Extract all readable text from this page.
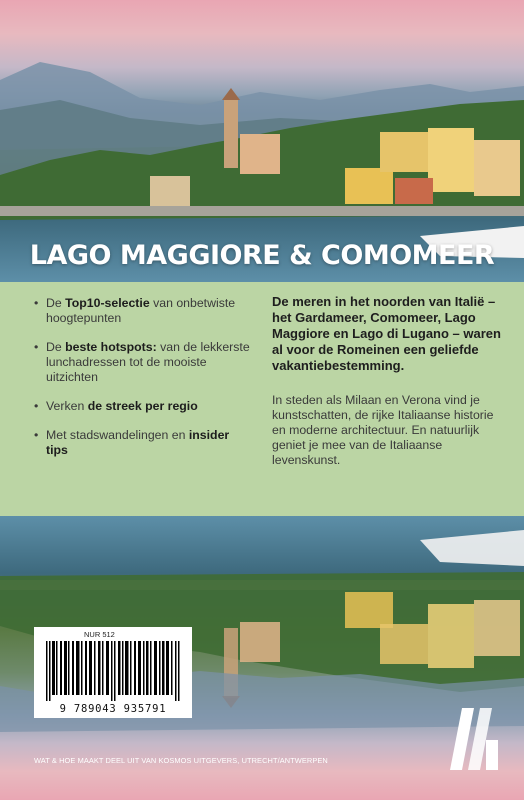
LAGO MAGGIORE & COMOMEER
• De Top10-selectie van onbetwiste hoogtepunten
• De beste hotspots: van de lekkerste lunchadressen tot de mooiste uitzichten
• Verken de streek per regio
• Met stadswandelingen en insider tips
De meren in het noorden van Italië – het Gardameer, Comomeer, Lago Maggiore en Lago di Lugano – waren al voor de Romeinen een geliefde vakantiebestemming.
In steden als Milaan en Verona vind je kunstschatten, de rijke Italiaanse historie en moderne architectuur. En natuurlijk geniet je mee van de Italiaanse levenskunst.
NUR 512
9 789043 935791
WAT & HOE MAAKT DEEL UIT VAN KOSMOS UITGEVERS, UTRECHT/ANTWERPEN
